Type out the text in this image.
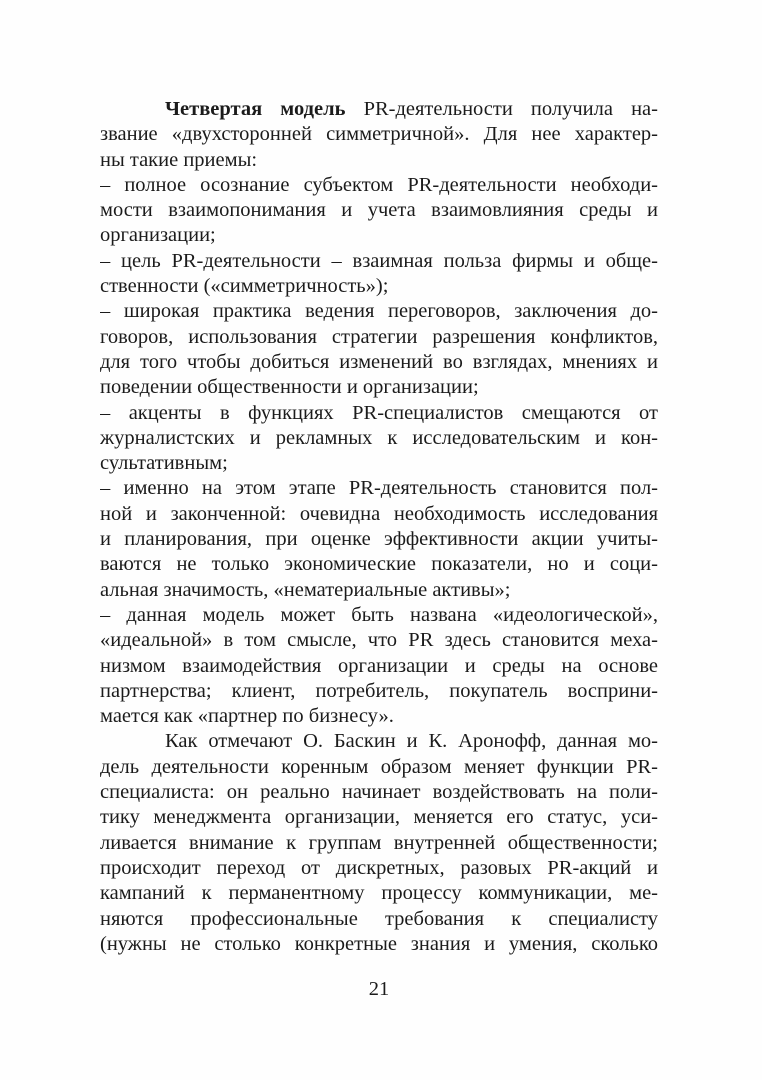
Четвертая модель PR-деятельности получила на-
звание «двухсторонней симметричной». Для нее характер-
ны такие приемы:
– полное осознание субъектом PR-деятельности необходи-
мости взаимопонимания и учета взаимовлияния среды и
организации;
– цель PR-деятельности – взаимная польза фирмы и обще-
ственности («симметричность»);
– широкая практика ведения переговоров, заключения до-
говоров, использования стратегии разрешения конфликтов,
для того чтобы добиться изменений во взглядах, мнениях и
поведении общественности и организации;
– акценты в функциях PR-специалистов смещаются от
журналистских и рекламных к исследовательским и кон-
сультативным;
– именно на этом этапе PR-деятельность становится пол-
ной и законченной: очевидна необходимость исследования
и планирования, при оценке эффективности акции учиты-
ваются не только экономические показатели, но и соци-
альная значимость, «нематериальные активы»;
– данная модель может быть названа «идеологической»,
«идеальной» в том смысле, что PR здесь становится меха-
низмом взаимодействия организации и среды на основе
партнерства; клиент, потребитель, покупатель восприни-
мается как «партнер по бизнесу».
Как отмечают О. Баскин и К. Аронофф, данная мо-
дель деятельности коренным образом меняет функции PR-
специалиста: он реально начинает воздействовать на поли-
тику менеджмента организации, меняется его статус, уси-
ливается внимание к группам внутренней общественности;
происходит переход от дискретных, разовых PR-акций и
кампаний к перманентному процессу коммуникации, ме-
няются профессиональные требования к специалисту
(нужны не столько конкретные знания и умения, сколько
21
